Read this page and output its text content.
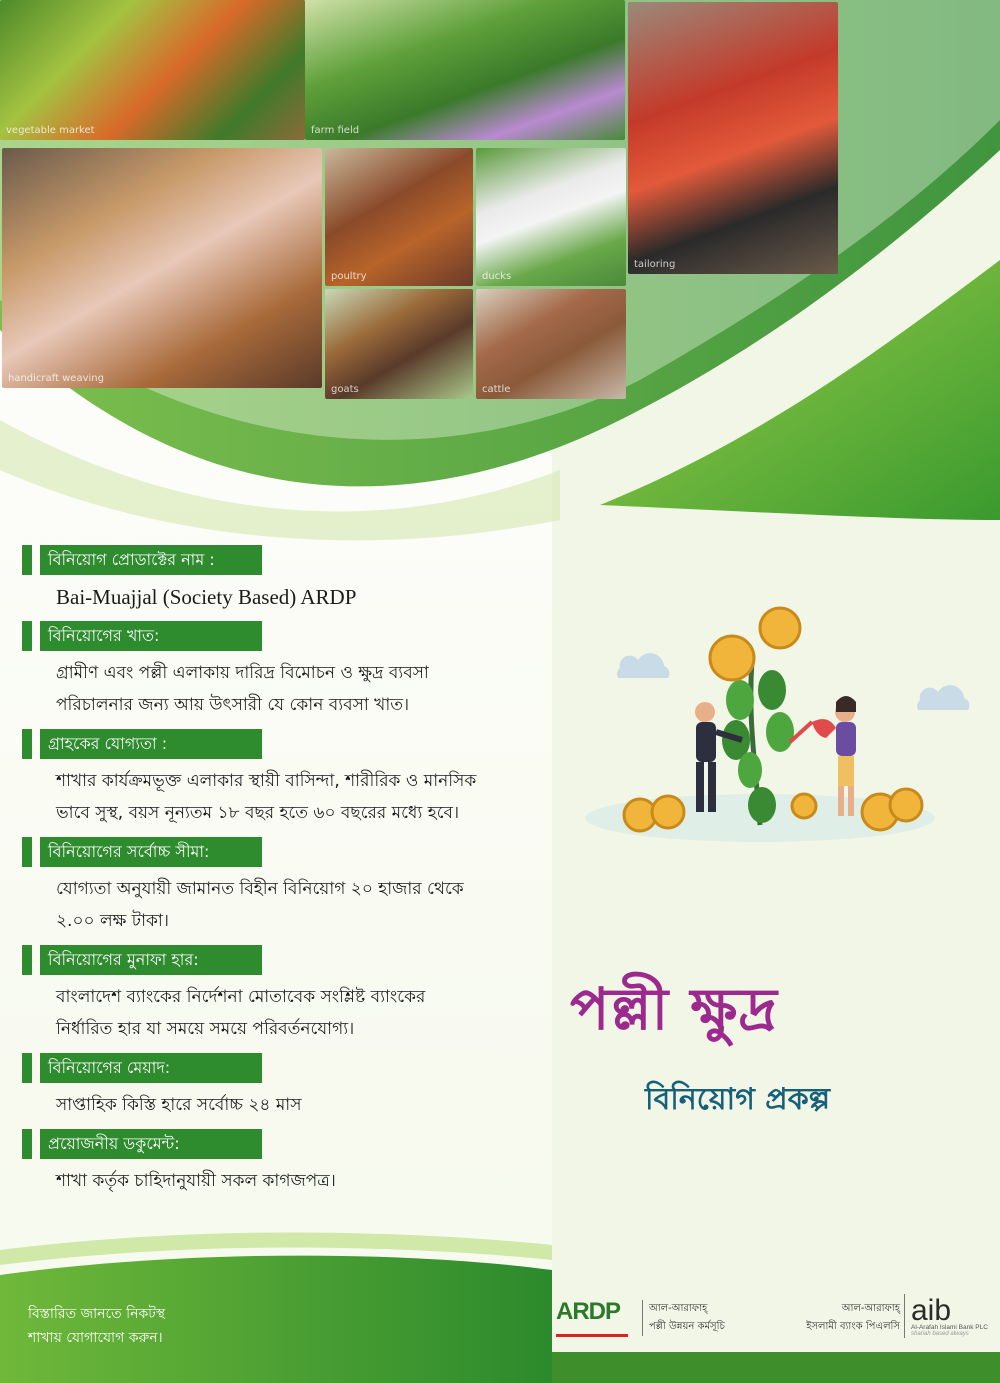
vegetable market	farm field
tailoring
handicraft weaving
poultry	ducks
goats	cattle
বিনিয়োগ প্রোডাক্টের নাম :
Bai-Muajjal (Society Based) ARDP
বিনিয়োগের খাত:
গ্রামীণ এবং পল্লী এলাকায় দারিদ্র বিমোচন ও ক্ষুদ্র ব্যবসা
পরিচালনার জন্য আয় উৎসারী যে কোন ব্যবসা খাত।
গ্রাহকের যোগ্যতা :
শাখার কার্যক্রমভূক্ত এলাকার স্থায়ী বাসিন্দা, শারীরিক ও মানসিক
ভাবে সুস্থ, বয়স নূন্যতম ১৮ বছর হতে ৬০ বছরের মধ্যে হবে।
বিনিয়োগের সর্বোচ্চ সীমা:
যোগ্যতা অনুযায়ী জামানত বিহীন বিনিয়োগ ২০ হাজার থেকে
২.০০ লক্ষ টাকা।
বিনিয়োগের মুনাফা হার:
বাংলাদেশ ব্যাংকের নির্দেশনা মোতাবেক সংশ্লিষ্ট ব্যাংকের
নির্ধারিত হার যা সময়ে সময়ে পরিবর্তনযোগ্য।
বিনিয়োগের মেয়াদ:
সাপ্তাহিক কিস্তি হারে সর্বোচ্চ ২৪ মাস
প্রয়োজনীয় ডকুমেন্ট:
শাখা কর্তৃক চাহিদানুযায়ী সকল কাগজপত্র।
পল্লী ক্ষুদ্র
বিনিয়োগ প্রকল্প
বিস্তারিত জানতে নিকটস্থ
শাখায় যোগাযোগ করুন।
ARDP	আল-আরাফাহ্
পল্লী উন্নয়ন কর্মসূচি
আল-আরাফাহ্
ইসলামী ব্যাংক পিএলসি aib
Al-Arafah Islami Bank PLC
shariah based always
